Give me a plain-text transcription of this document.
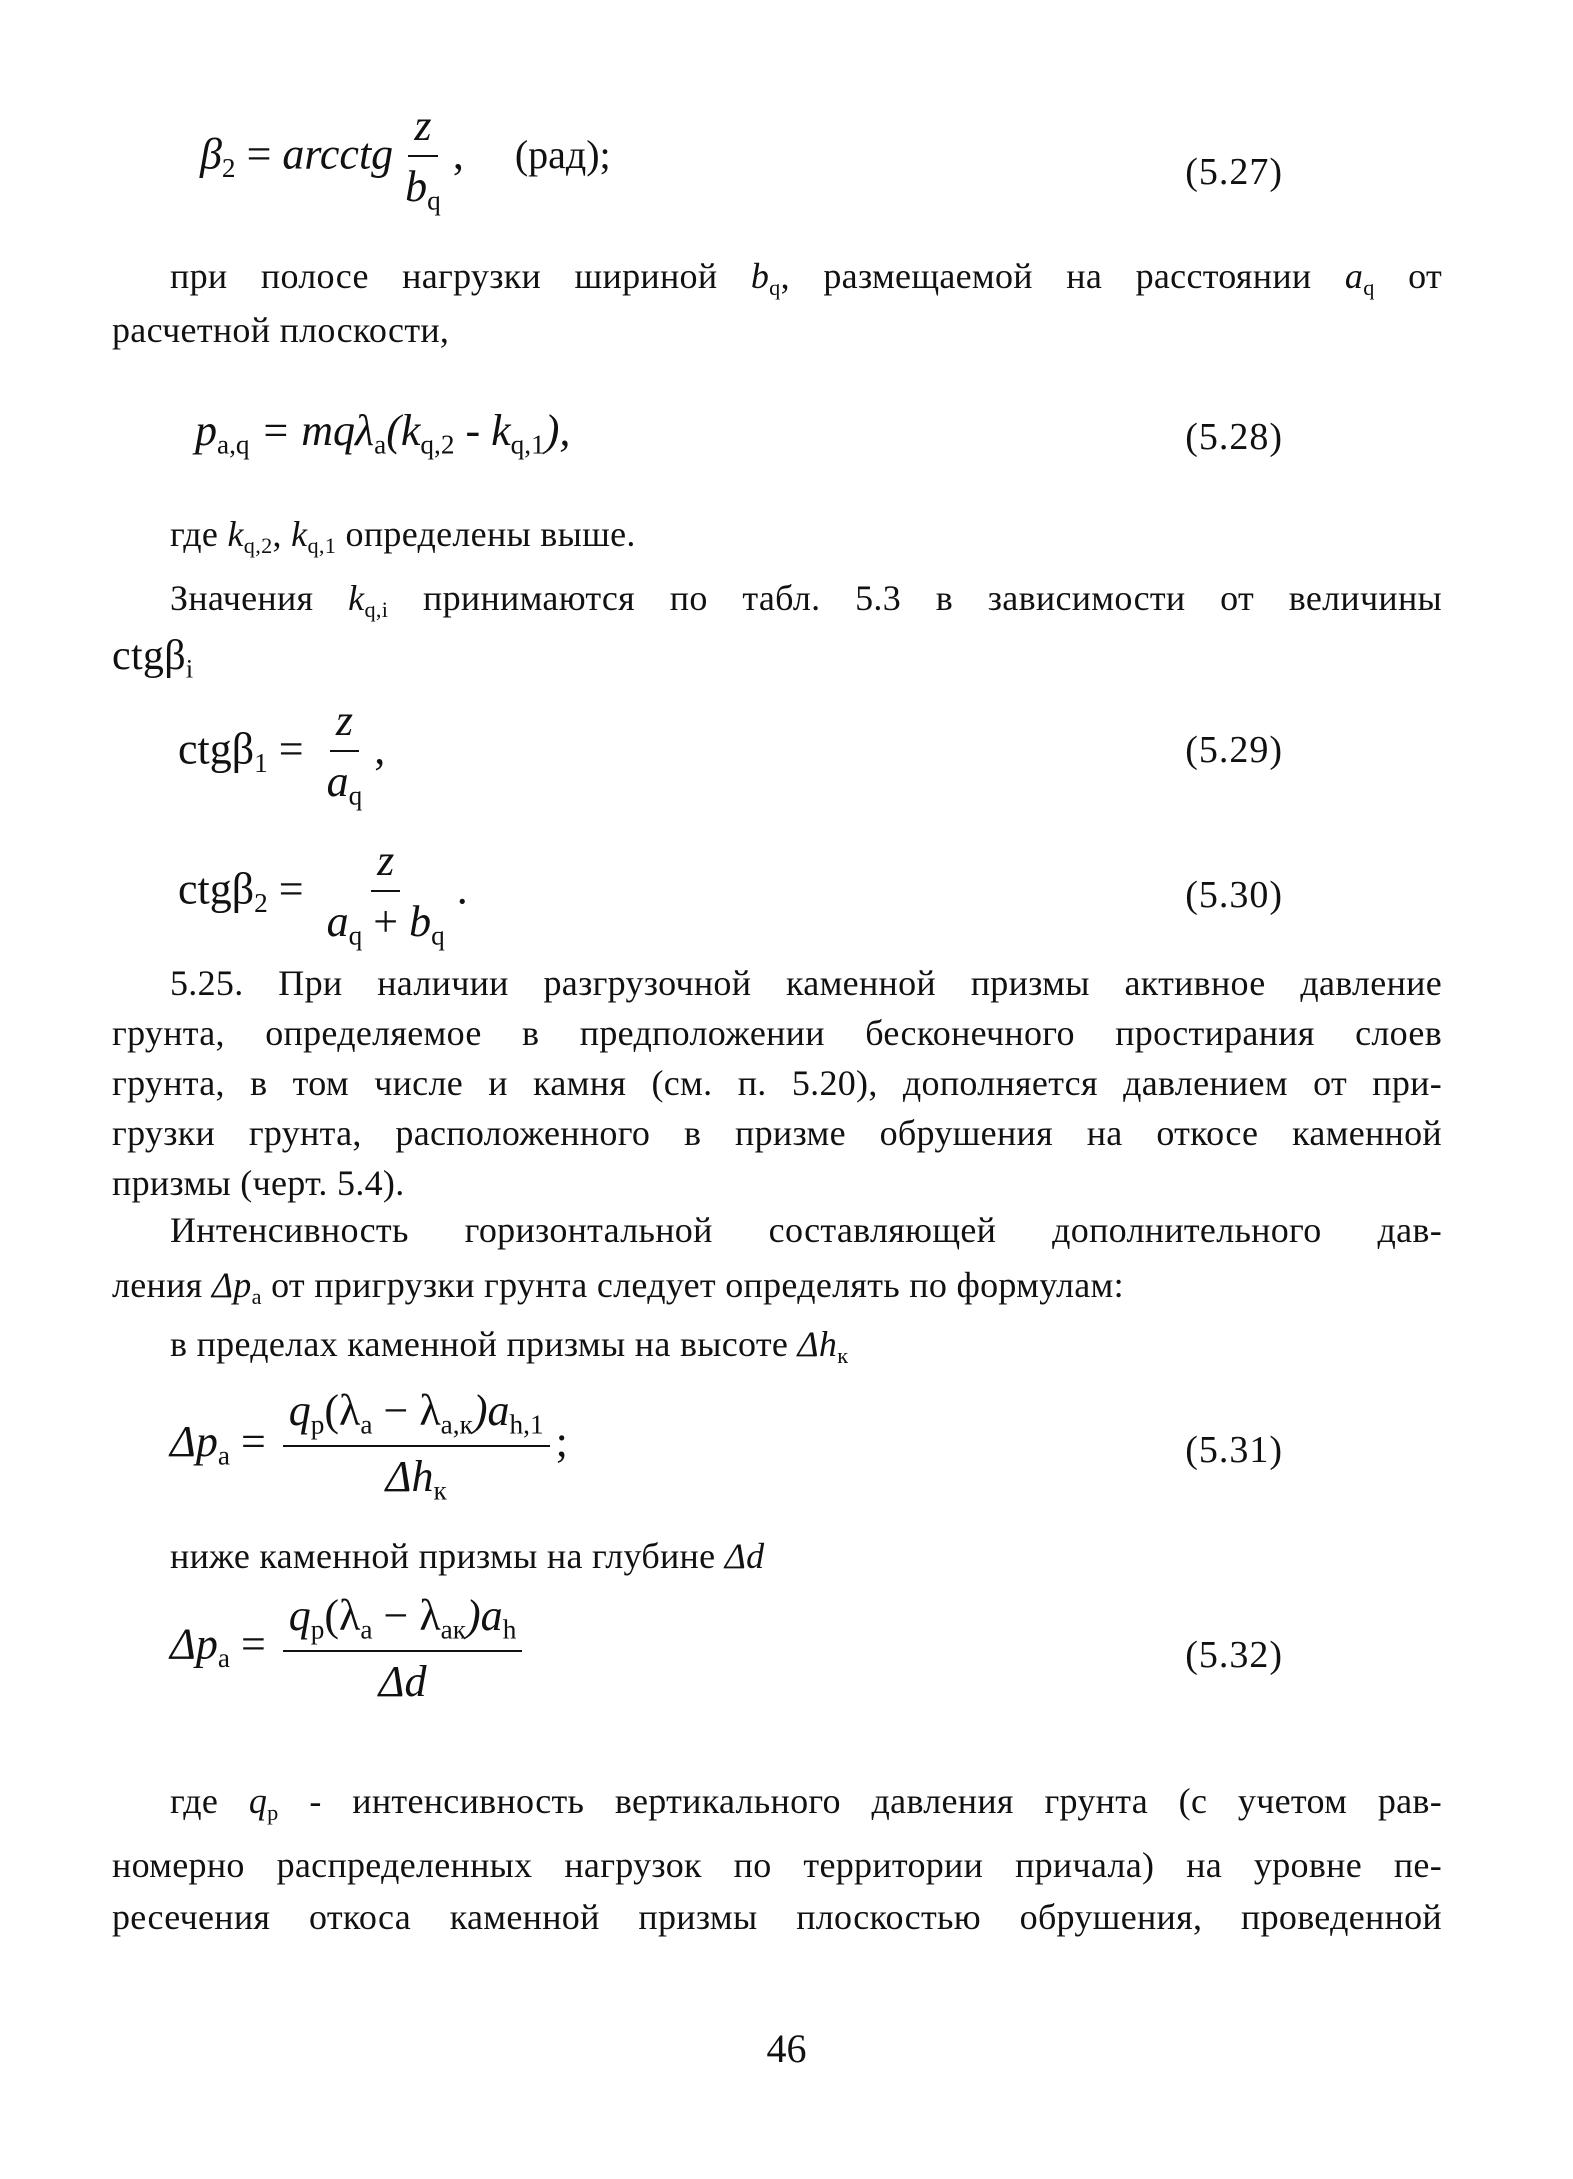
$\beta_2$ = arcctg $\frac{z}{b_q}$ , (рад);	(5.27)
при полосе нагрузки шириной $b_q$, размещаемой на расстоянии $a_q$ от
расчетной плоскости,
$p_{a,q} = mq\lambda_a(k_{q,2} - k_{q,1})$,	(5.28)
где $k_{q,2}$, $k_{q,1}$ определены выше.
Значения $k_{q,i}$ принимаются по табл. 5.3 в зависимости от величины
ctgβ$_i$
$ctg\beta_1 = \frac{z}{a_q}$ ,	(5.29)
$ctg\beta_2 = \frac{z}{a_q + b_q}$ .	(5.30)
5.25. При наличии разгрузочной каменной призмы активное давление
грунта, определяемое в предположении бесконечного простирания слоев
грунта, в том числе и камня (см. п. 5.20), дополняется давлением от при-
грузки грунта, расположенного в призме обрушения на откосе каменной
призмы (черт. 5.4).
Интенсивность горизонтальной составляющей дополнительного дав-
ления $\Delta p_a$ от пригрузки грунта следует определять по формулам:
в пределах каменной призмы на высоте $\Delta h_к$
$\Delta p_a = \frac{q_p(\lambda_a - \lambda_{a,к})a_{h,1}}{\Delta h_к}$ ;	(5.31)
ниже каменной призмы на глубине Δd
$\Delta p_a = \frac{q_p(\lambda_a - \lambda_{ак})a_h}{\Delta d}$	(5.32)
где $q_p$ - интенсивность вертикального давления грунта (с учетом рав-
номерно распределенных нагрузок по территории причала) на уровне пе-
ресечения откоса каменной призмы плоскостью обрушения, проведенной
46
